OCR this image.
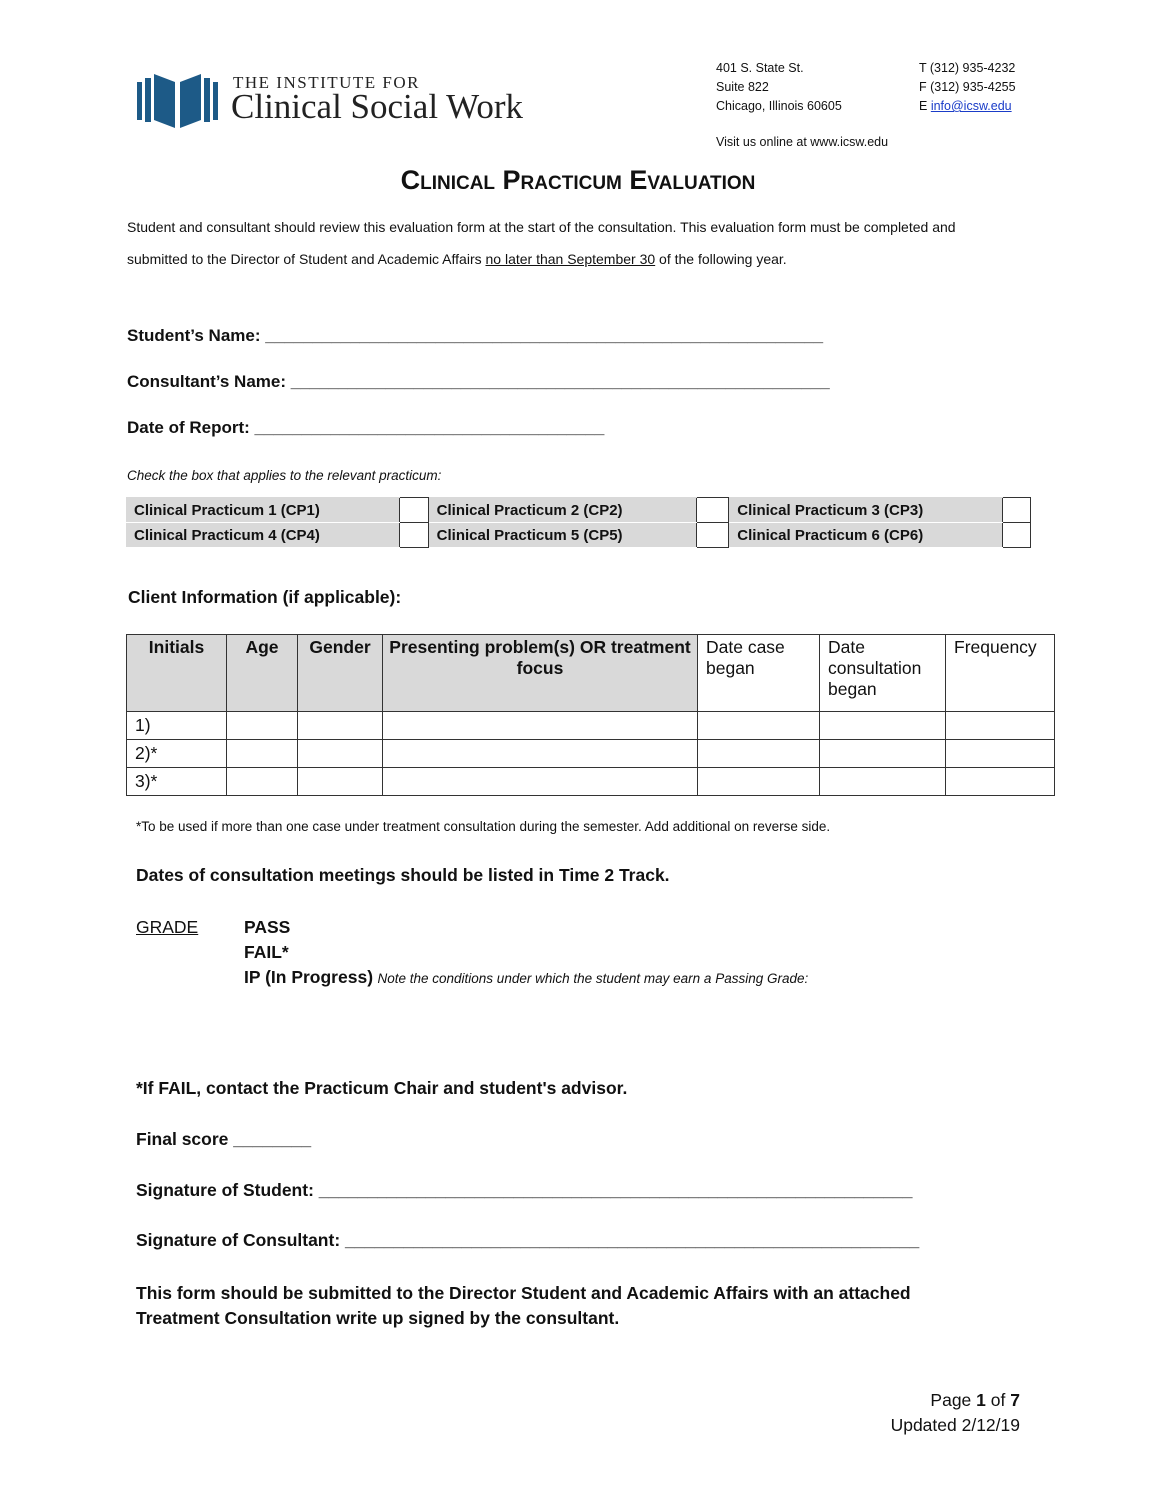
THE INSTITUTE FOR
Clinical Social Work
401 S. State St.
Suite 822
Chicago, Illinois 60605
T (312) 935-4232
F (312) 935-4255
E info@icsw.edu
Visit us online at www.icsw.edu
Clinical Practicum Evaluation
Student and consultant should review this evaluation form at the start of the consultation. This evaluation form must be completed and submitted to the Director of Student and Academic Affairs no later than September 30 of the following year.
Student’s Name: ___________________________________________________________
Consultant’s Name: _________________________________________________________
Date of Report: _____________________________________
Check the box that applies to the relevant practicum:
Clinical Practicum 1 (CP1)		Clinical Practicum 2 (CP2)		Clinical Practicum 3 (CP3)	
Clinical Practicum 4 (CP4)		Clinical Practicum 5 (CP5)		Clinical Practicum 6 (CP6)	
Client Information (if applicable):
Initials	Age	Gender	Presenting problem(s) OR treatment focus	Date case began	Date consultation began	Frequency
1)						
2)*						
3)*						
*To be used if more than one case under treatment consultation during the semester. Add additional on reverse side.
Dates of consultation meetings should be listed in Time 2 Track.
GRADE	PASS
FAIL*
IP (In Progress) Note the conditions under which the student may earn a Passing Grade:
*If FAIL, contact the Practicum Chair and student's advisor.
Final score ________
Signature of Student: _____________________________________________________________
Signature of Consultant: ___________________________________________________________
This form should be submitted to the Director Student and Academic Affairs with an attached Treatment Consultation write up signed by the consultant.
Page 1 of 7
Updated 2/12/19
